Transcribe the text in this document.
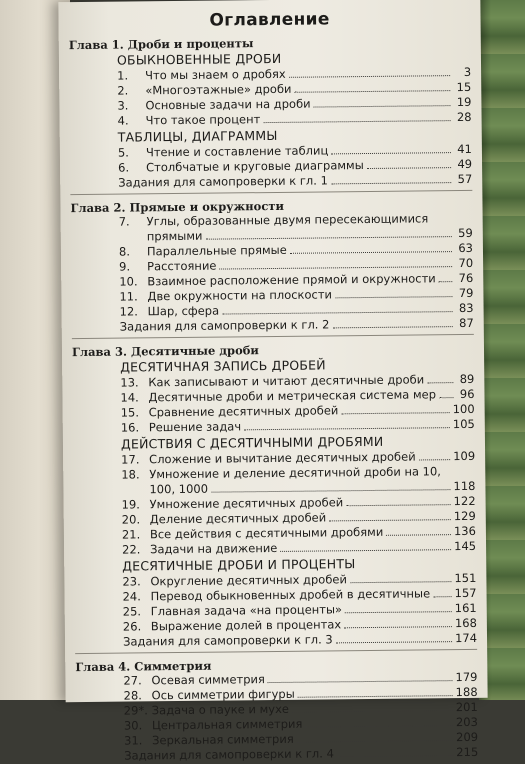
Оглавление
Глава 1. Дроби и проценты
ОБЫКНОВЕННЫЕ ДРОБИ
1.	Что мы знаем о дробях	3
2.	«Многоэтажные» дроби	15
3.	Основные задачи на дроби	19
4.	Что такое процент	28
ТАБЛИЦЫ, ДИАГРАММЫ
5.	Чтение и составление таблиц	41
6.	Столбчатые и круговые диаграммы	49
Задания для самопроверки к гл. 1	57
Глава 2. Прямые и окружности
7.	Углы, образованные двумя пересекающимися
прямыми	59
8.	Параллельные прямые	63
9.	Расстояние	70
10. Взаимное расположение прямой и окружности 76
11. Две окружности на плоскости	79
12. Шар, сфера	83
Задания для самопроверки к гл. 2	87
Глава 3. Десятичные дроби
ДЕСЯТИЧНАЯ ЗАПИСЬ ДРОБЕЙ
13. Как записывают и читают десятичные дроби	89
14. Десятичные дроби и метрическая система мер 96
15. Сравнение десятичных дробей	100
16. Решение задач	105
ДЕЙСТВИЯ С ДЕСЯТИЧНЫМИ ДРОБЯМИ
17. Сложение и вычитание десятичных дробей	109
18. Умножение и деление десятичной дроби на 10,
100, 1000	118
19. Умножение десятичных дробей	122
20. Деление десятичных дробей	129
21. Все действия с десятичными дробями	136
22. Задачи на движение	145
ДЕСЯТИЧНЫЕ ДРОБИ И ПРОЦЕНТЫ
23. Округление десятичных дробей	151
24. Перевод обыкновенных дробей в десятичные 157
25. Главная задача «на проценты»	161
26. Выражение долей в процентах	168
Задания для самопроверки к гл. 3	174
Глава 4. Симметрия
27. Осевая симметрия	179
28. Ось симметрии фигуры	188
29*. Задача о пауке и мухе	201
30. Центральная симметрия	203
31. Зеркальная симметрия	209
Задания для самопроверки к гл. 4	215
